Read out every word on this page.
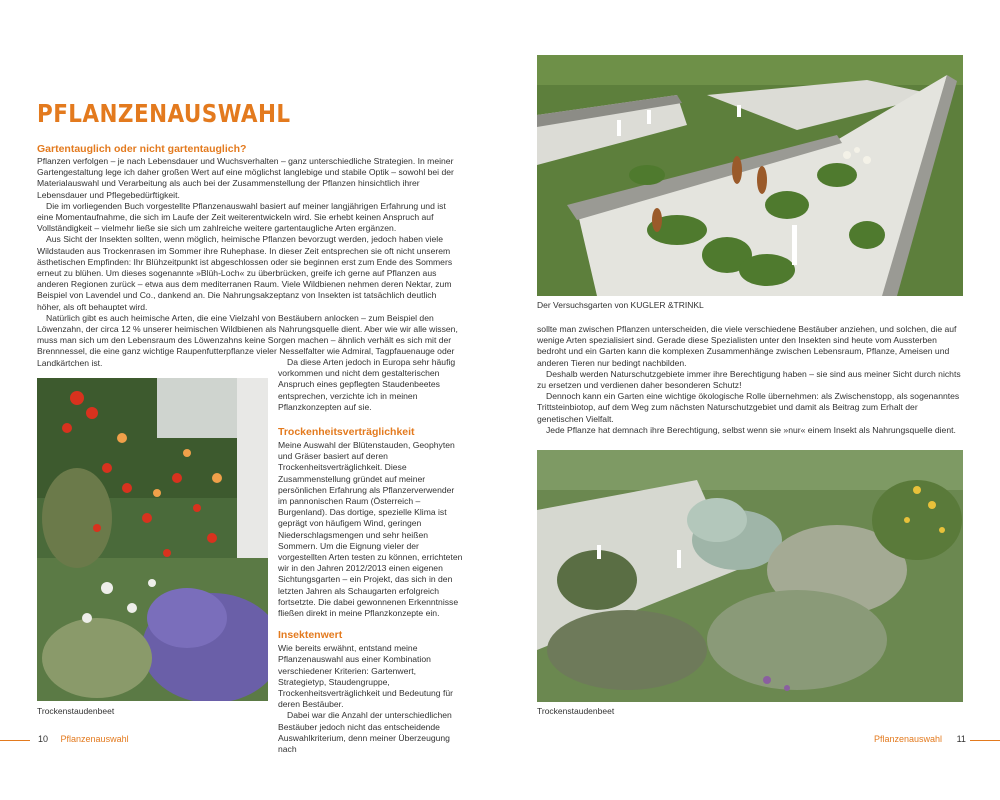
PFLANZENAUSWAHL
Gartentauglich oder nicht gartentauglich?

Pflanzen verfolgen – je nach Lebensdauer und Wuchsverhalten – ganz unterschiedliche Strategien. In meiner Gartengestaltung lege ich daher großen Wert auf eine möglichst langlebige und stabile Optik – sowohl bei der Materialauswahl und Verarbeitung als auch bei der Zusammenstellung der Pflanzen hinsichtlich ihrer Lebensdauer und Pflegebedürftigkeit.

Die im vorliegenden Buch vorgestellte Pflanzenauswahl basiert auf meiner langjährigen Erfahrung und ist eine Momentaufnahme, die sich im Laufe der Zeit weiterentwickeln wird. Sie erhebt keinen Anspruch auf Vollständigkeit – vielmehr ließe sie sich um zahlreiche weitere gartentaugliche Arten ergänzen.

Aus Sicht der Insekten sollten, wenn möglich, heimische Pflanzen bevorzugt werden, jedoch haben viele Wildstauden aus Trockenrasen im Sommer ihre Ruhephase. In dieser Zeit entsprechen sie oft nicht unserem ästhetischen Empfinden: Ihr Blühzeitpunkt ist abgeschlossen oder sie beginnen erst zum Ende des Sommers erneut zu blühen. Um dieses sogenannte »Blüh-Loch« zu überbrücken, greife ich gerne auf Pflanzen aus anderen Regionen zurück – etwa aus dem mediterranen Raum. Viele Wildbienen nehmen deren Nektar, zum Beispiel von Lavendel und Co., dankend an. Die Nahrungsakzeptanz von Insekten ist tatsächlich deutlich höher, als oft behauptet wird.

Natürlich gibt es auch heimische Arten, die eine Vielzahl von Bestäubern anlocken – zum Beispiel den Löwenzahn, der circa 12 % unserer heimischen Wildbienen als Nahrungsquelle dient. Aber wie wir alle wissen, muss man sich um den Lebensraum des Löwenzahns keine Sorgen machen – ähnlich verhält es sich mit der Brennnessel, die eine ganz wichtige Raupenfutterpflanze vieler Nesselfalter wie Admiral, Tagpfauenauge oder Landkärtchen ist.

Trockenstaudenbeet

Da diese Arten jedoch in Europa sehr häufig vorkommen und nicht dem gestalterischen Anspruch eines gepflegten Staudenbeetes entsprechen, verzichte ich in meinen Pflanzkonzepten auf sie.

Trockenheitsverträglichkeit

Meine Auswahl der Blütenstauden, Geophyten und Gräser basiert auf deren Trockenheitsverträglichkeit. Diese Zusammenstellung gründet auf meiner persönlichen Erfahrung als Pflanzerverwender im pannonischen Raum (Österreich – Burgenland). Das dortige, spezielle Klima ist geprägt von häufigem Wind, geringen Niederschlagsmengen und sehr heißen Sommern. Um die Eignung vieler der vorgestellten Arten testen zu können, errichteten wir in den Jahren 2012/2013 einen eigenen Sichtungsgarten – ein Projekt, das sich in den letzten Jahren als Schaugarten erfolgreich fortsetzte. Die dabei gewonnenen Erkenntnisse fließen direkt in meine Pflanzkonzepte ein.

Insektenwert

Wie bereits erwähnt, entstand meine Pflanzenauswahl aus einer Kombination verschiedener Kriterien: Gartenwert, Strategietyp, Staudengruppe, Trockenheitsverträglichkeit und Bedeutung für deren Bestäuber.

Dabei war die Anzahl der unterschiedlichen Bestäuber jedoch nicht das entscheidende Auswahlkriterium, denn meiner Überzeugung nach

10 Pflanzenauswahl

Der Versuchsgarten von KUGLER &TRINKL

sollte man zwischen Pflanzen unterscheiden, die viele verschiedene Bestäuber anziehen, und solchen, die auf wenige Arten spezialisiert sind. Gerade diese Spezialisten unter den Insekten sind heute vom Aussterben bedroht und ein Garten kann die komplexen Zusammenhänge zwischen Lebensraum, Pflanze, Ameisen und anderen Tieren nur bedingt nachbilden.

Deshalb werden Naturschutzgebiete immer ihre Berechtigung haben – sie sind aus meiner Sicht durch nichts zu ersetzen und verdienen daher besonderen Schutz!

Dennoch kann ein Garten eine wichtige ökologische Rolle übernehmen: als Zwischenstopp, als sogenanntes Trittsteinbiotop, auf dem Weg zum nächsten Naturschutzgebiet und damit als Beitrag zum Erhalt der genetischen Vielfalt.

Jede Pflanze hat demnach ihre Berechtigung, selbst wenn sie »nur« einem Insekt als Nahrungsquelle dient.

Trockenstaudenbeet

Pflanzenauswahl 11
